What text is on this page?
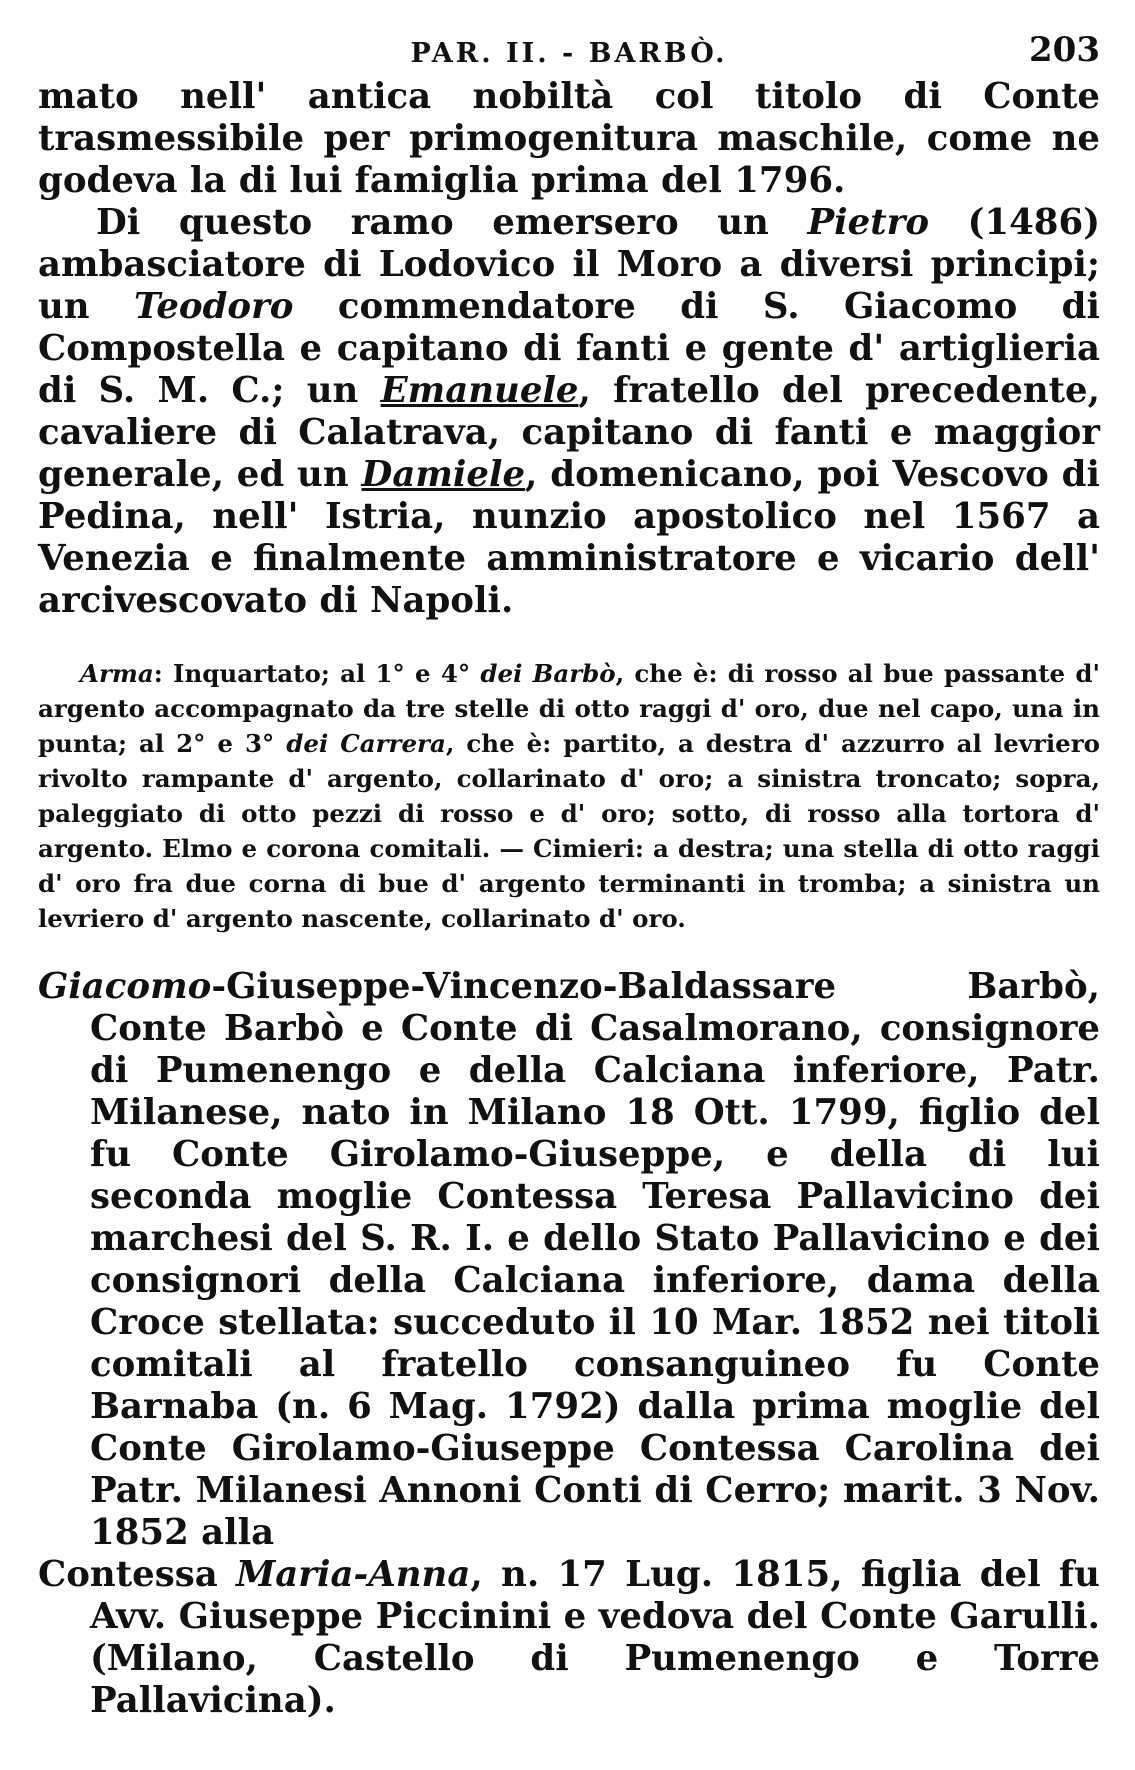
PAR. II. - BARBÒ.	203

mato nell' antica nobiltà col titolo di Conte trasmessibile per primogenitura maschile, come ne godeva la di lui famiglia prima del 1796.

Di questo ramo emersero un Pietro (1486) ambasciatore di Lodovico il Moro a diversi principi; un Teodoro commendatore di S. Giacomo di Compostella e capitano di fanti e gente d' artiglieria di S. M. C.; un Emanuele, fratello del precedente, cavaliere di Calatrava, capitano di fanti e maggior generale, ed un Damiele, domenicano, poi Vescovo di Pedina, nell' Istria, nunzio apostolico nel 1567 a Venezia e finalmente amministratore e vicario dell' arcivescovato di Napoli.

Arma: Inquartato; al 1° e 4° dei Barbò, che è: di rosso al bue passante d' argento accompagnato da tre stelle di otto raggi d' oro, due nel capo, una in punta; al 2° e 3° dei Carrera, che è: partito, a destra d' azzurro al levriero rivolto rampante d' argento, collarinato d' oro; a sinistra troncato; sopra, paleggiato di otto pezzi di rosso e d' oro; sotto, di rosso alla tortora d' argento. Elmo e corona comitali. — Cimieri: a destra; una stella di otto raggi d' oro fra due corna di bue d' argento terminanti in tromba; a sinistra un levriero d' argento nascente, collarinato d' oro.

Giacomo-Giuseppe-Vincenzo-Baldassare Barbò, Conte Barbò e Conte di Casalmorano, consignore di Pumenengo e della Calciana inferiore, Patr. Milanese, nato in Milano 18 Ott. 1799, figlio del fu Conte Girolamo-Giuseppe, e della di lui seconda moglie Contessa Teresa Pallavicino dei marchesi del S. R. I. e dello Stato Pallavicino e dei consignori della Calciana inferiore, dama della Croce stellata: succeduto il 10 Mar. 1852 nei titoli comitali al fratello consanguineo fu Conte Barnaba (n. 6 Mag. 1792) dalla prima moglie del Conte Girolamo-Giuseppe Contessa Carolina dei Patr. Milanesi Annoni Conti di Cerro; marit. 3 Nov. 1852 alla

Contessa Maria-Anna, n. 17 Lug. 1815, figlia del fu Avv. Giuseppe Piccinini e vedova del Conte Garulli. (Milano, Castello di Pumenengo e Torre Pallavicina).
